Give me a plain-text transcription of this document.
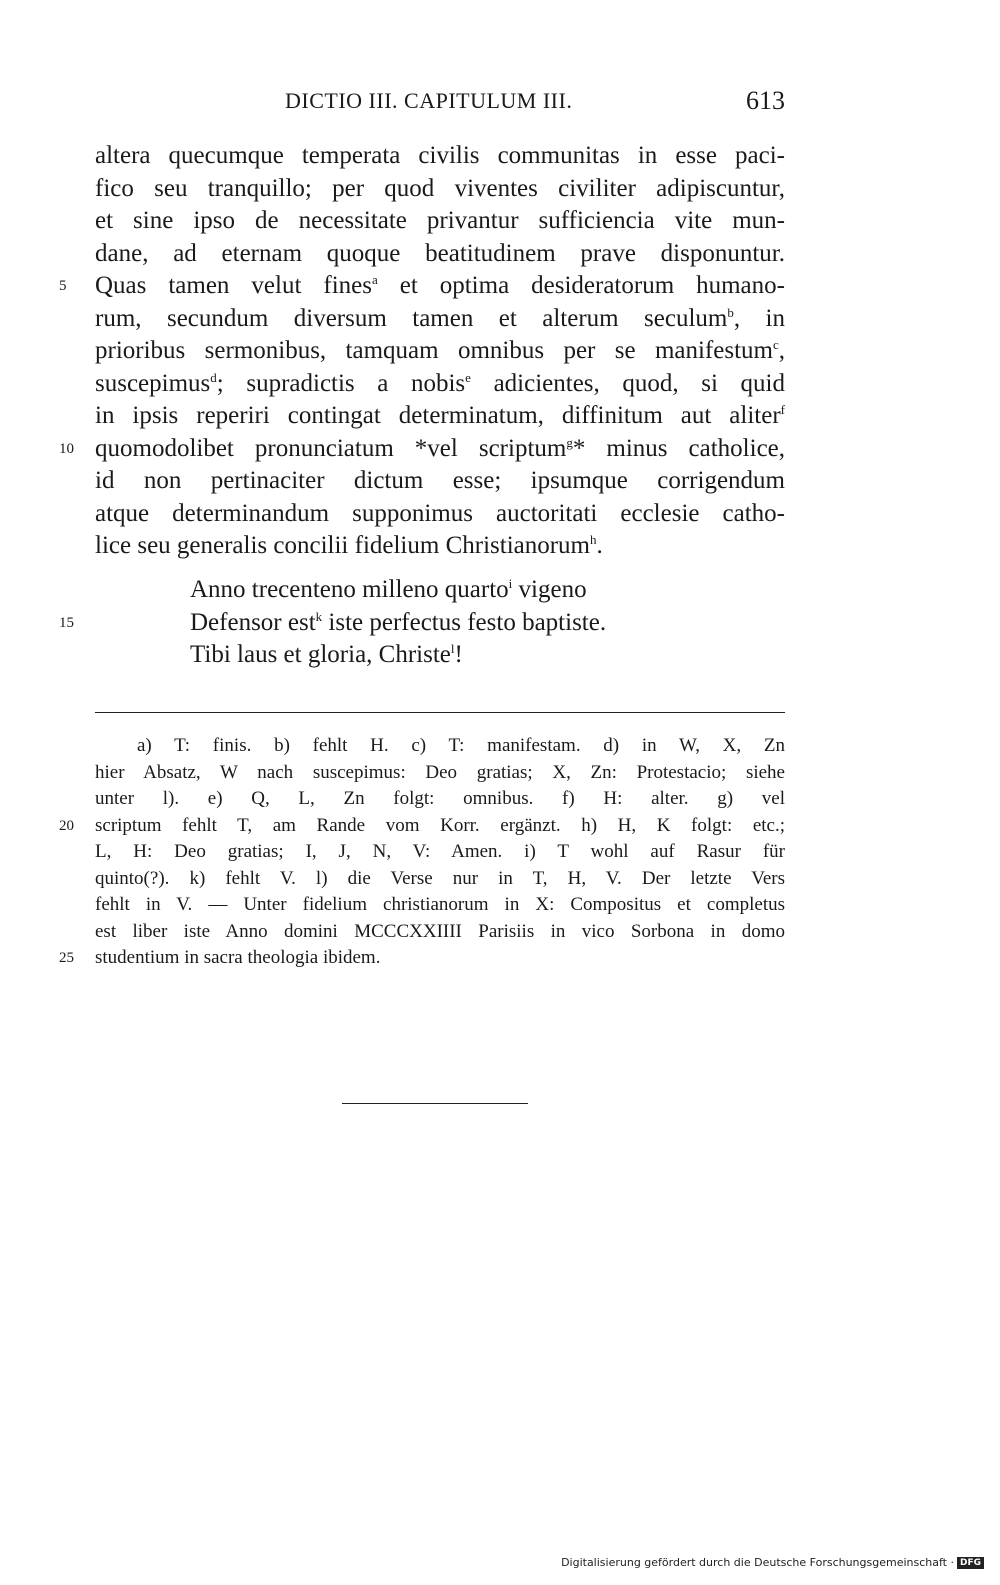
DICTIO III. CAPITULUM III.	613
altera quecumque temperata civilis communitas in esse paci-
fico seu tranquillo; per quod viventes civiliter adipiscuntur,
et sine ipso de necessitate privantur sufficiencia vite mun-
dane, ad eternam quoque beatitudinem prave disponuntur.
5 Quas tamen velut fines$^a$ et optima desideratorum humano-
rum, secundum diversum tamen et alterum seculum$^b$, in
prioribus sermonibus, tamquam omnibus per se manifestum$^c$,
suscepimus$^d$; supradictis a nobis$^e$ adicientes, quod, si quid
in ipsis reperiri contingat determinatum, diffinitum aut aliter$^f$
10 quomodolibet pronunciatum *vel scriptum$^g$* minus catholice,
id non pertinaciter dictum esse; ipsumque corrigendum
atque determinandum supponimus auctoritati ecclesie catho-
lice seu generalis concilii fidelium Christianorum$^h$.
Anno trecenteno milleno quarto$^i$ vigeno
15	Defensor est$^k$ iste perfectus festo baptiste.
Tibi laus et gloria, Christe$^l$!
a) T: finis. b) fehlt H. c) T: manifestam. d) in W, X, Zn
hier Absatz, W nach suscepimus: Deo gratias; X, Zn: Protestacio; siehe
unter l). e) Q, L, Zn folgt: omnibus. f) H: alter. g) vel
20 scriptum fehlt T, am Rande vom Korr. ergänzt. h) H, K folgt: etc.;
L, H: Deo gratias; I, J, N, V: Amen. i) T wohl auf Rasur für
quinto(?). k) fehlt V. l) die Verse nur in T, H, V. Der letzte Vers
fehlt in V. — Unter fidelium christianorum in X: Compositus et completus
est liber iste Anno domini MCCCXXIIII Parisiis in vico Sorbona in domo
25 studentium in sacra theologia ibidem.
Digitalisierung gefördert durch die Deutsche Forschungsgemeinschaft · DFG
